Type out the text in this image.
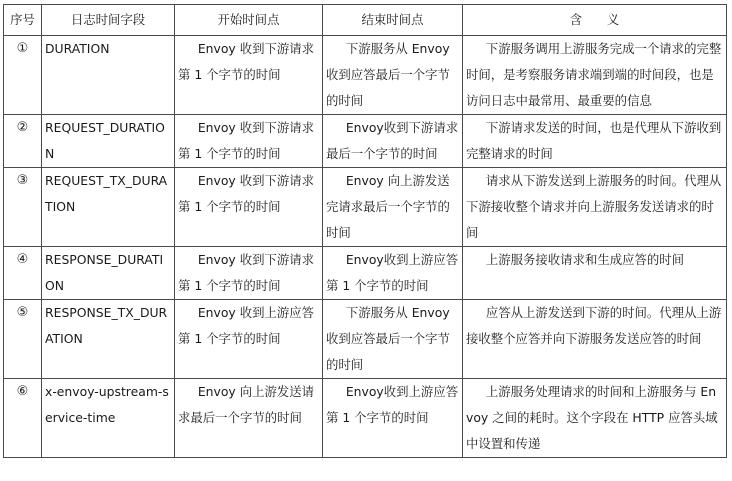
序号	日志时间字段	开始时间点	结束时间点	含　　义
①	DURATION	Envoy 收到下游请求第 1 个字节的时间	下游服务从 Envoy 收到应答最后一个字节的时间	下游服务调用上游服务完成一个请求的完整时间，是考察服务请求端到端的时间段，也是访问日志中最常用、最重要的信息
②	REQUEST_DURATION	Envoy 收到下游请求第 1 个字节的时间	Envoy收到下游请求最后一个字节的时间	下游请求发送的时间，也是代理从下游收到完整请求的时间
③	REQUEST_TX_DURATION	Envoy 收到下游请求第 1 个字节的时间	Envoy 向上游发送完请求最后一个字节的时间	请求从下游发送到上游服务的时间。代理从下游接收整个请求并向上游服务发送请求的时间
④	RESPONSE_DURATION	Envoy 收到下游请求第 1 个字节的时间	Envoy收到上游应答第 1 个字节的时间	上游服务接收请求和生成应答的时间
⑤	RESPONSE_TX_DURATION	Envoy 收到上游应答第 1 个字节的时间	下游服务从 Envoy 收到应答最后一个字节的时间	应答从上游发送到下游的时间。代理从上游接收整个应答并向下游服务发送应答的时间
⑥	x-envoy-upstream-service-time	Envoy 向上游发送请求最后一个字节的时间	Envoy收到上游应答第 1 个字节的时间	上游服务处理请求的时间和上游服务与 Envoy 之间的耗时。这个字段在 HTTP 应答头域中设置和传递
